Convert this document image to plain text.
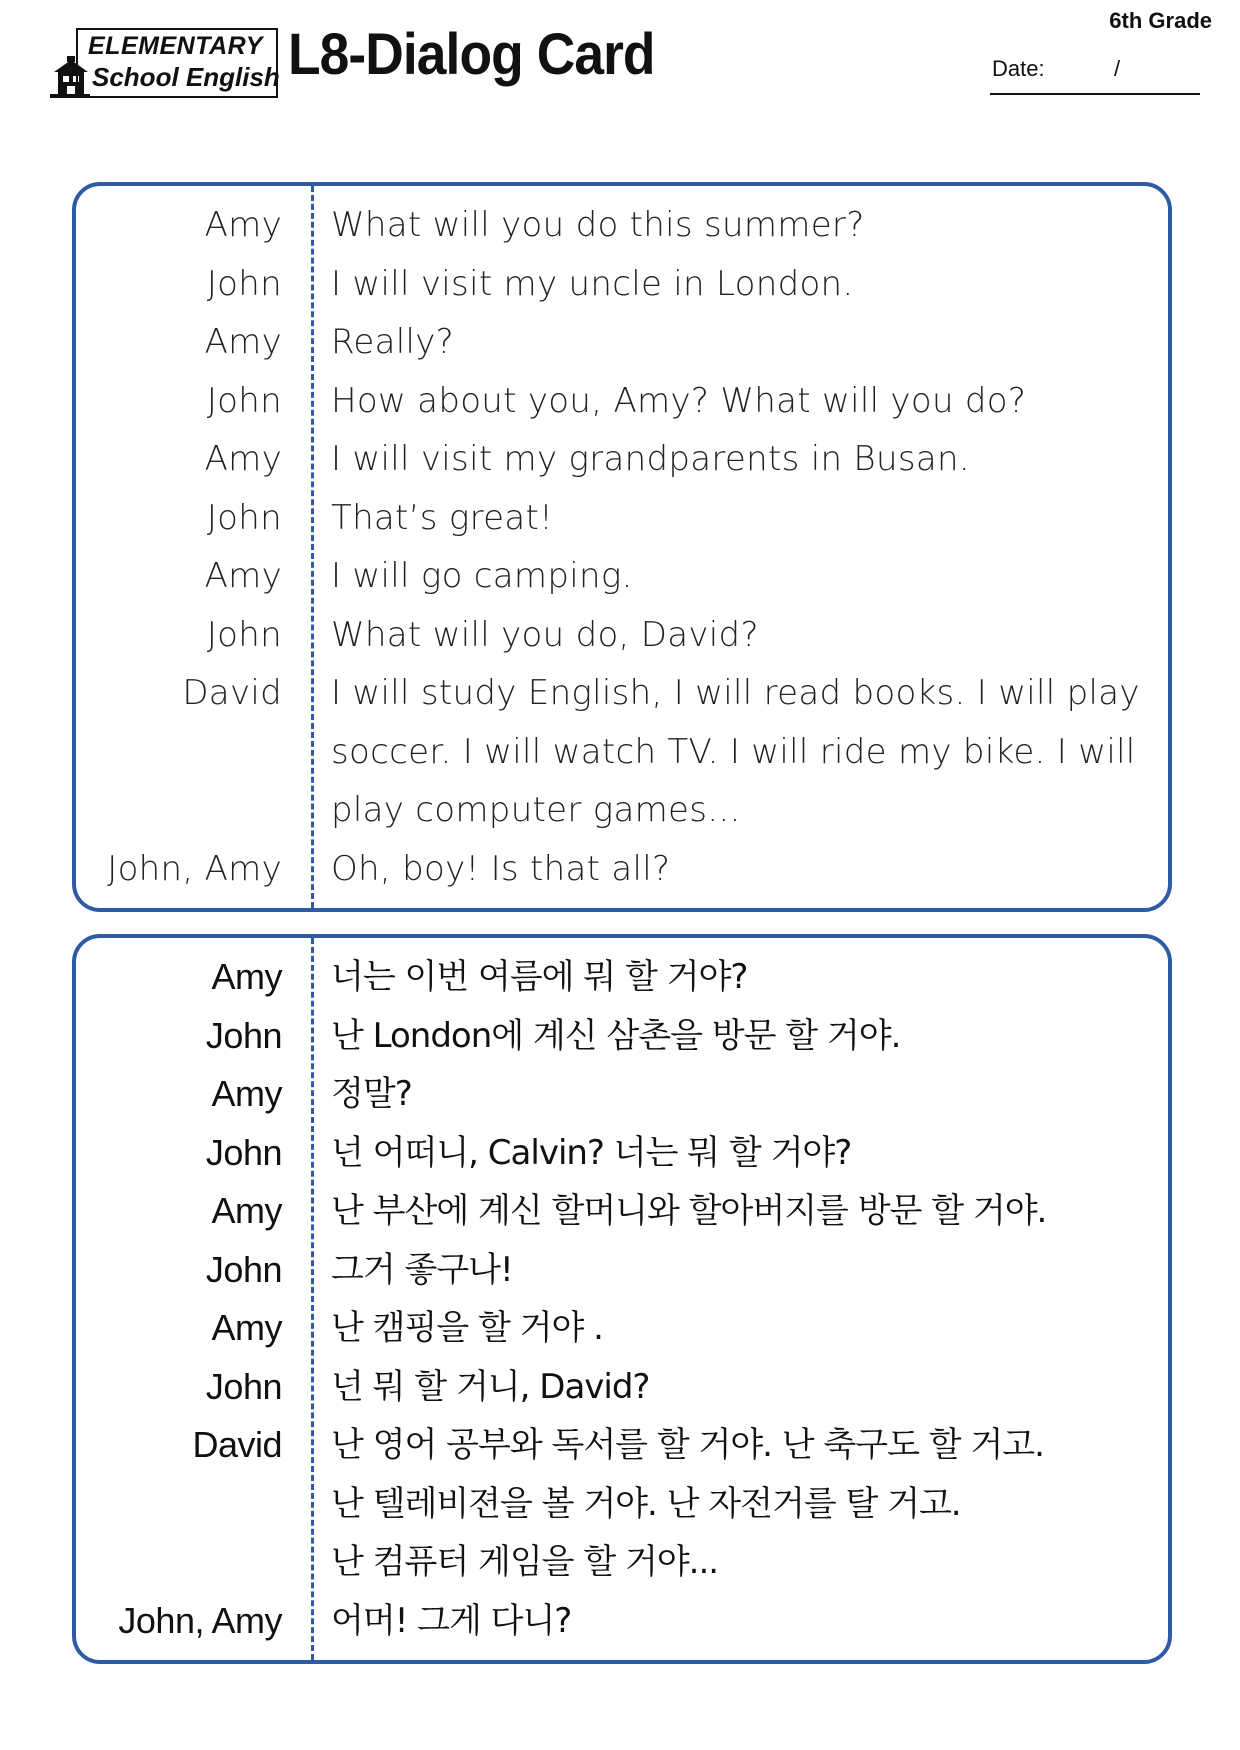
ELEMENTARY
School English L8-Dialog Card
6th Grade
Date:	/
Amy What will you do this summer?
John I will visit my uncle in London.
Amy Really?
John How about you, Amy? What will you do?
Amy I will visit my grandparents in Busan.
John That’s great!
Amy I will go camping.
John What will you do, David?
David I will study English, I will read books. I will play
soccer. I will watch TV. I will ride my bike. I will
play computer games...
John, Amy Oh, boy! Is that all?
Amy 너는 이번 여름에 뭐 할 거야?
John 난 London에 계신 삼촌을 방문 할 거야.
Amy 정말?
John 넌 어떠니, Calvin? 너는 뭐 할 거야?
Amy 난 부산에 계신 할머니와 할아버지를 방문 할 거야.
John 그거 좋구나!
Amy 난 캠핑을 할 거야 .
John 넌 뭐 할 거니, David?
David 난 영어 공부와 독서를 할 거야. 난 축구도 할 거고.
난 텔레비젼을 볼 거야. 난 자전거를 탈 거고.
난 컴퓨터 게임을 할 거야...
John, Amy 어머! 그게 다니?
